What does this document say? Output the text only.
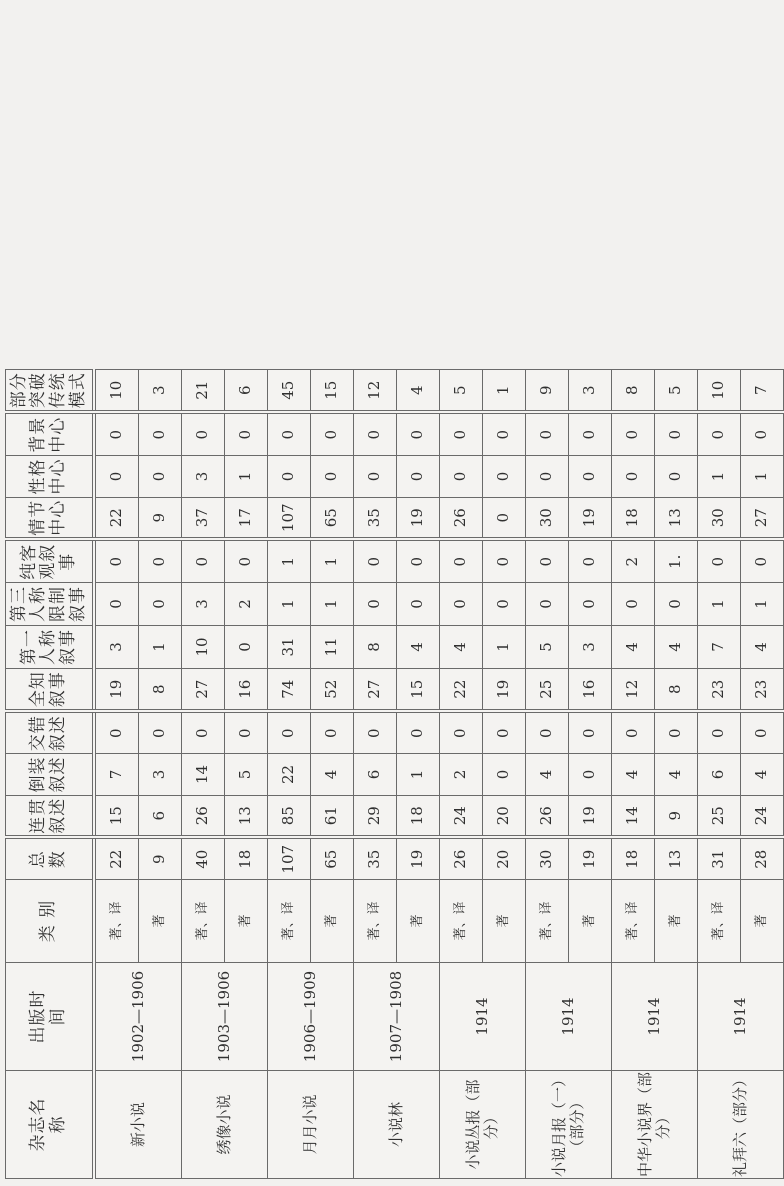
杂志名称	出版时间	类 别	总 数	连贯叙述	倒装叙述	交错叙述	全知叙事	第一人称叙事	第三人称限制叙事	纯客观叙事	情节中心	性格中心	背景中心	部分突破传统模式
新小说	1902—1906	著、译	22	15	7	0	19	3	0	0	22	0	0	10
		著	9	6	3	0	8	1	0	0	9	0	0	3
绣像小说	1903—1906	著、译	40	26	14	0	27	10	3	0	37	3	0	21
		著	18	13	5	0	16	0	2	0	17	1	0	6
月月小说	1906—1909	著、译	107	85	22	0	74	31	1	1	107	0	0	45
		著	65	61	4	0	52	11	1	1	65	0	0	15
小说林	1907—1908	著、译	35	29	6	0	27	8	0	0	35	0	0	12
		著	19	18	1	0	15	4	0	0	19	0	0	4
小说丛报（部分）	1914	著、译	26	24	2	0	22	4	0	0	26	0	0	5
		著	20	20	0	0	19	1	0	0	0	0	0	1
小说月报（一）（部分）	1914	著、译	30	26	4	0	25	5	0	0	30	0	0	9
		著	19	19	0	0	16	3	0	0	19	0	0	3
中华小说界（部分）	1914	著、译	18	14	4	0	12	4	0	2	18	0	0	8
		著	13	9	4	0	8	4	0	1.	13	0	0	5
礼拜六（部分）	1914	著、译	31	25	6	0	23	7	1	0	30	1	0	10
		著	28	24	4	0	23	4	1	0	27	1	0	7
